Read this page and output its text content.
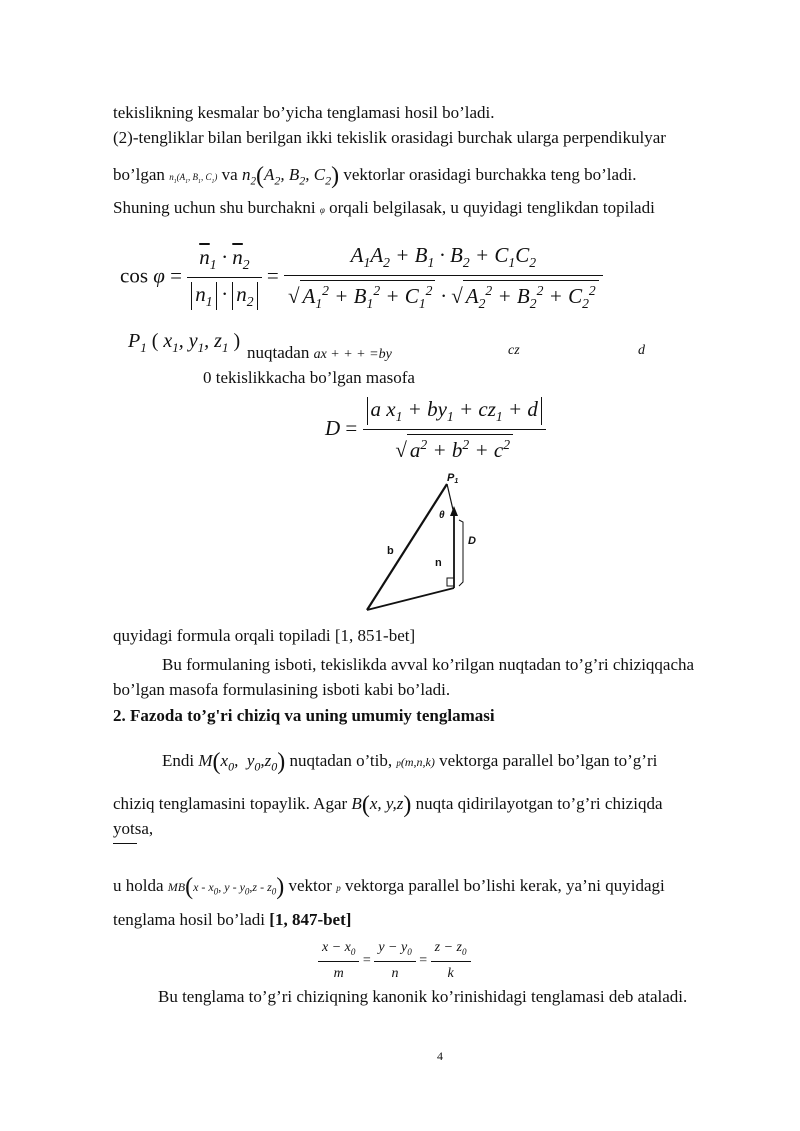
tekislikning kesmalar bo’yicha tenglamasi hosil bo’ladi.
(2)-tengliklar bilan berilgan ikki tekislik orasidagi burchak ularga perpendikulyar
bo’lgan $n_1(A_1$, $B_1$, $C_1$) va $n_2(A_2$, $B_2$, $C_2$) vektorlar orasidagi burchakka teng bo’ladi.
Shuning uchun shu burchakni φ orqali belgilasak, u quyidagi tenglikdan topiladi
$\cos \varphi = \frac{\overline{n}_1 \cdot \overline{n}_2}{n_1 \cdot n_2} = \frac{A_1A_2 + B_1 \cdot B_2 + C_1C_2}{√ A_1^2 + B_1^2 + C_1^2 \cdot √ A_2^2 + B_2^2 + C_2^2}$
$P_1$ ( $x_1$, $y_1$, $z_1$ )
nuqtadan ax + + + =by	cz	d
0 tekislikkacha bo’lgan masofa
$D = \frac{a x_1 + by_1 + cz_1 + d}{√ a^2 + b^2 + c^2}$
P1
θ
b
n
D
quyidagi formula orqali topiladi [1, 851-bet]
Bu formulaning isboti, tekislikda avval ko’rilgan nuqtadan to’g’ri chiziqqacha
bo’lgan masofa formulasining isboti kabi bo’ladi.
2. Fazoda to’g'ri chiziq va uning umumiy tenglamasi
Endi $M(x_0$,  $y_0,z_0$) nuqtadan o’tib, p(m,n,k) vektorga parallel bo’lgan to’g’ri
chiziq tenglamasini topaylik. Agar B(x, y,z) nuqta qidirilayotgan to’g’ri chiziqda
yotsa,
u holda $MB(x - x_0$, y - $y_0,z - z_0$) vektor p vektorga parallel bo’lishi kerak, ya’ni quyidagi
tenglama hosil bo’ladi [1, 847-bet]
$\frac{x - x_0}{m} = \frac{y - y_0}{n} = \frac{z - z_0}{k}$
Bu tenglama to’g’ri chiziqning kanonik ko’rinishidagi tenglamasi deb ataladi.
4
